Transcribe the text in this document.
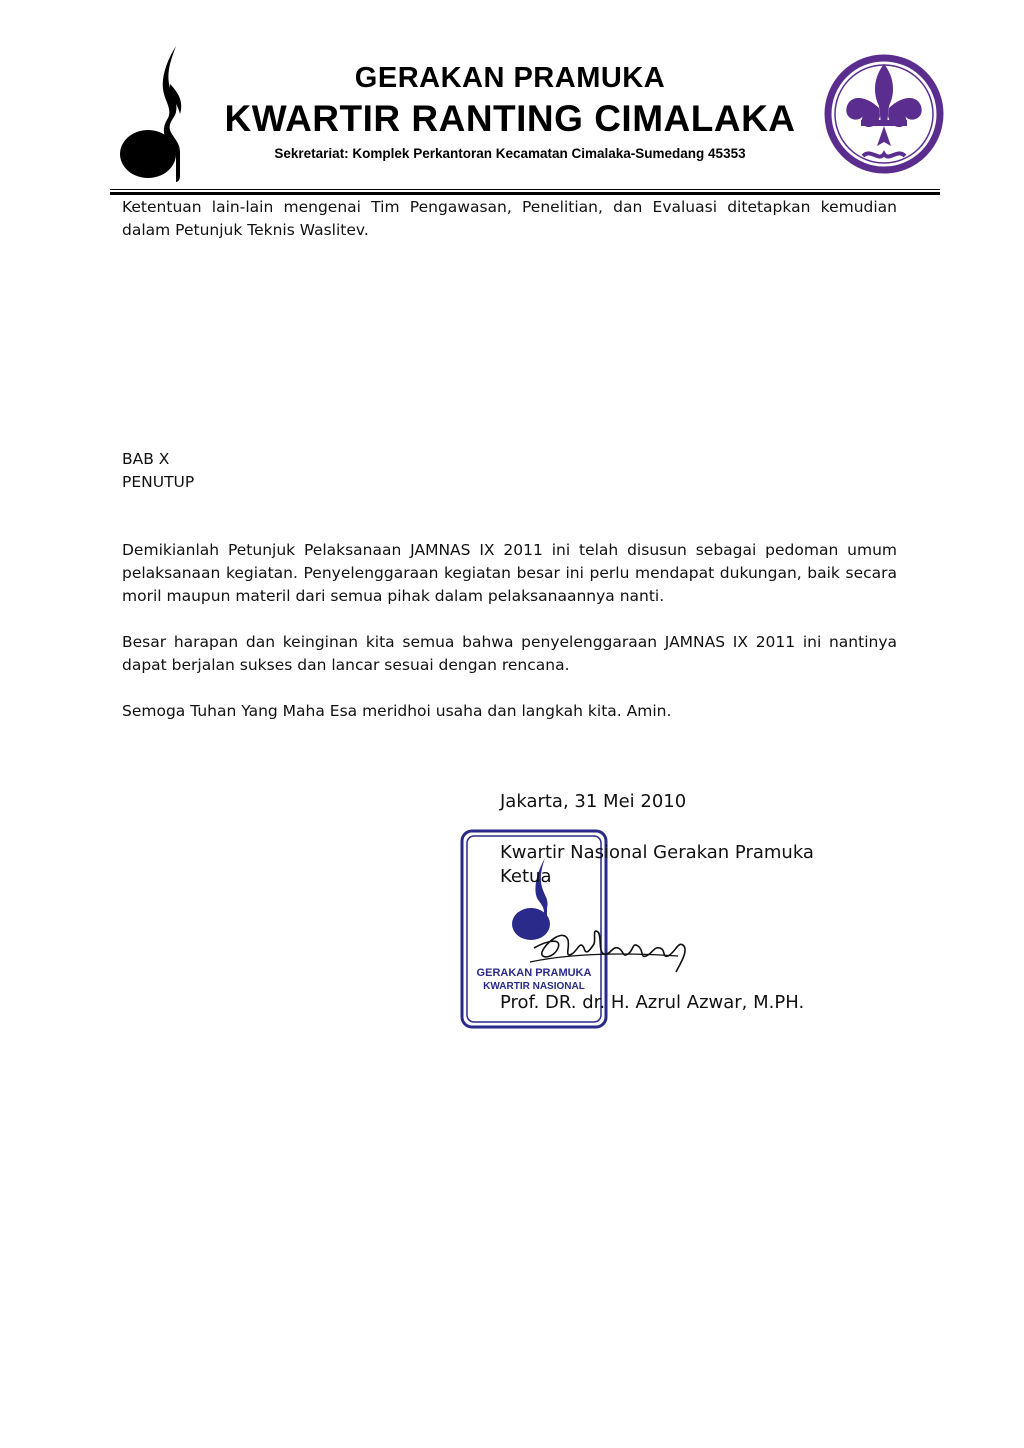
GERAKAN PRAMUKA
KWARTIR RANTING CIMALAKA
Sekretariat: Komplek Perkantoran Kecamatan Cimalaka-Sumedang 45353
Ketentuan lain-lain mengenai Tim Pengawasan, Penelitian, dan Evaluasi ditetapkan kemudian dalam Petunjuk Teknis Waslitev.
BAB X
PENUTUP
Demikianlah Petunjuk Pelaksanaan JAMNAS IX 2011 ini telah disusun sebagai pedoman umum pelaksanaan kegiatan. Penyelenggaraan kegiatan besar ini perlu mendapat dukungan, baik secara moril maupun materil dari semua pihak dalam pelaksanaannya nanti.
Besar harapan dan keinginan kita semua bahwa penyelenggaraan JAMNAS IX 2011 ini nantinya dapat berjalan sukses dan lancar sesuai dengan rencana.
Semoga Tuhan Yang Maha Esa meridhoi usaha dan langkah kita. Amin.
GERAKAN PRAMUKA
KWARTIR NASIONAL
Jakarta, 31 Mei 2010
Kwartir Nasional Gerakan Pramuka
Ketua
Prof. DR. dr. H. Azrul Azwar, M.PH.
